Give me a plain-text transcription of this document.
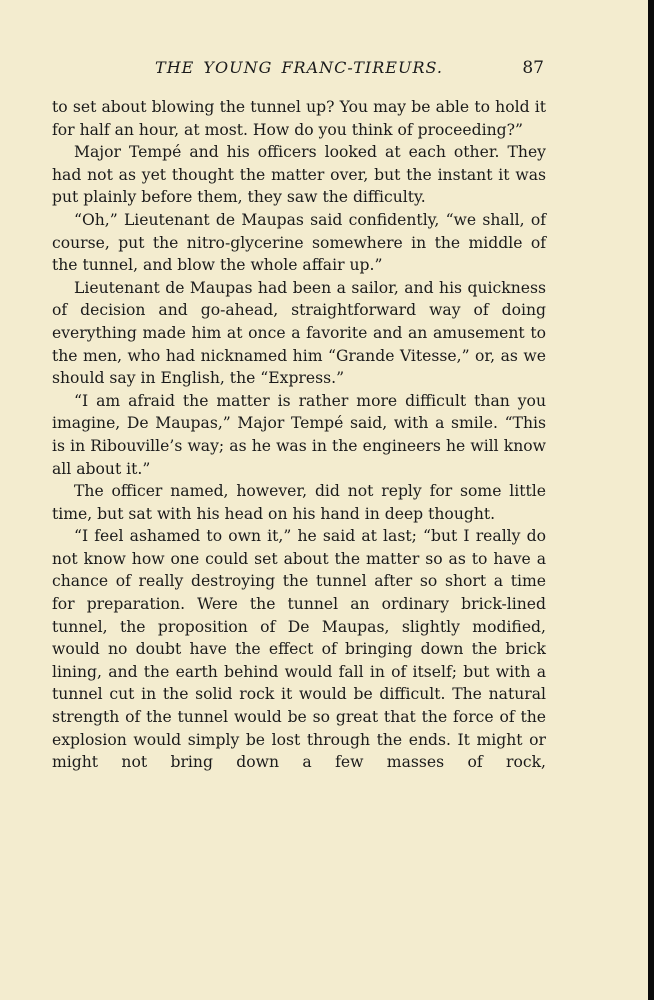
THE YOUNG FRANC-TIREURS.	87

to set about blowing the tunnel up? You may be able to hold it for half an hour, at most. How do you think of proceeding?”

Major Tempé and his officers looked at each other. They had not as yet thought the matter over, but the instant it was put plainly before them, they saw the difficulty.

“Oh,” Lieutenant de Maupas said confidently, “we shall, of course, put the nitro-glycerine somewhere in the middle of the tunnel, and blow the whole affair up.”

Lieutenant de Maupas had been a sailor, and his quickness of decision and go-ahead, straightforward way of doing everything made him at once a favorite and an amusement to the men, who had nicknamed him “Grande Vitesse,” or, as we should say in English, the “Express.”

“I am afraid the matter is rather more difficult than you imagine, De Maupas,” Major Tempé said, with a smile. “This is in Ribouville’s way; as he was in the engineers he will know all about it.”

The officer named, however, did not reply for some little time, but sat with his head on his hand in deep thought.

“I feel ashamed to own it,” he said at last; “but I really do not know how one could set about the matter so as to have a chance of really destroying the tunnel after so short a time for preparation. Were the tunnel an ordinary brick-lined tunnel, the proposition of De Maupas, slightly modified, would no doubt have the effect of bringing down the brick lining, and the earth behind would fall in of itself; but with a tunnel cut in the solid rock it would be difficult. The natural strength of the tunnel would be so great that the force of the explosion would simply be lost through the ends. It might or might not bring down a few masses of rock,
